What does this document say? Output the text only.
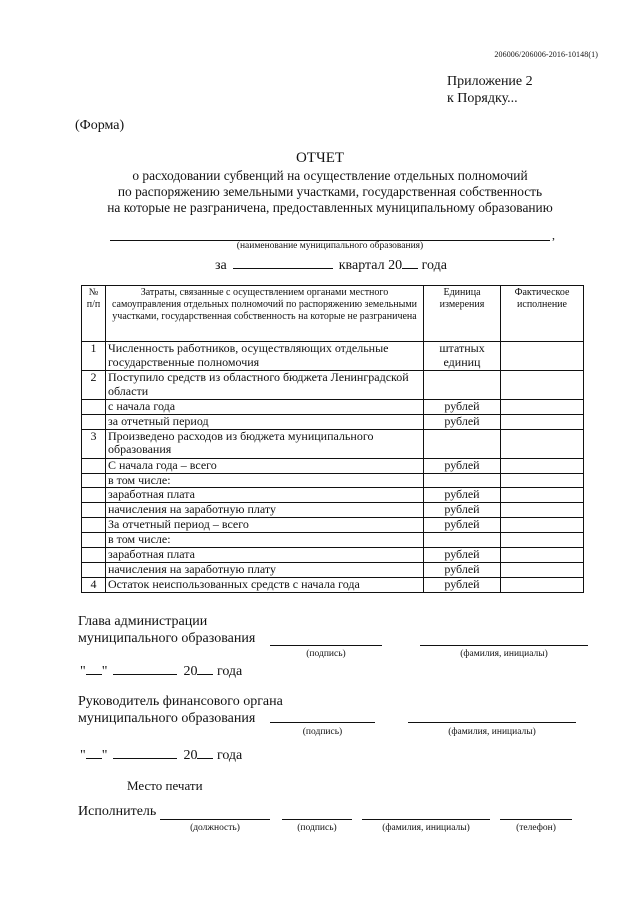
206006/206006-2016-10148(1)
Приложение 2
к Порядку...
(Форма)
ОТЧЕТ
о расходовании субвенций на осуществление отдельных полномочий
по распоряжению земельными участками, государственная собственность
на которые не разграничена, предоставленных муниципальному образованию
,
(наименование муниципального образования)
за	квартал 20 года
№ п/п	Затраты, связанные с осуществлением органами местного самоуправления отдельных полномочий по распоряжению земельными участками, государственная собственность на которые не разграничена	Единица измерения	Фактическое исполнение
1	Численность работников, осуществляющих отдельные государственные полномочия	штатных единиц	
2	Поступило средств из областного бюджета Ленинградской области		
	с начала года	рублей	
	за отчетный период	рублей	
3	Произведено расходов из бюджета муниципального образования		
	С начала года – всего	рублей	
	в том числе:		
	заработная плата	рублей	
	начисления на заработную плату	рублей	
	За отчетный период – всего	рублей	
	в том числе:		
	заработная плата	рублей	
	начисления на заработную плату	рублей	
4	Остаток неиспользованных средств с начала года	рублей	
Глава администрации
муниципального образования
(подпись)	(фамилия, инициалы)
" "	20 года
Руководитель финансового органа
муниципального образования
(подпись)	(фамилия, инициалы)
" "	20 года
Место печати
Исполнитель
(должность)	(подпись)	(фамилия, инициалы)	(телефон)
